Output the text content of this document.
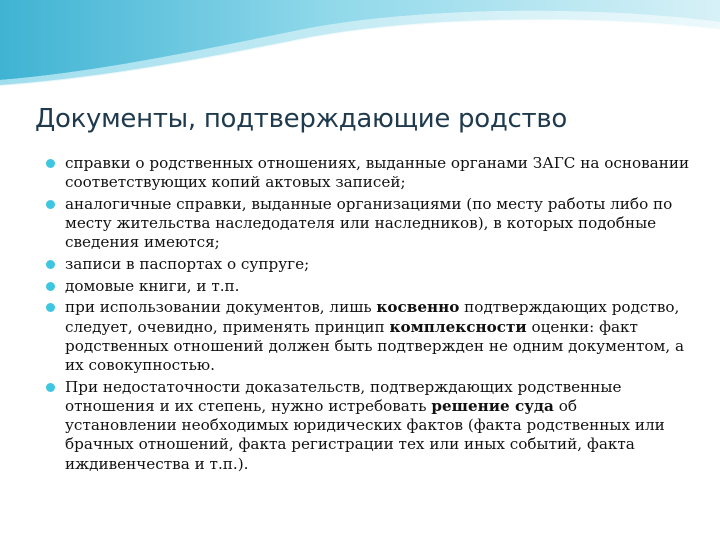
Документы, подтверждающие родство
справки о родственных отношениях, выданные органами ЗАГС на основании соответствующих копий актовых записей;
аналогичные справки, выданные организациями (по месту работы либо по месту жительства наследодателя или наследников), в которых подобные сведения имеются;
записи в паспортах о супруге;
домовые книги, и т.п.
при использовании документов, лишь косвенно подтверждающих родство, следует, очевидно, применять принцип комплексности оценки: факт родственных отношений должен быть подтвержден не одним документом, а их совокупностью.
При недостаточности доказательств, подтверждающих родственные отношения и их степень, нужно истребовать решение суда об установлении необходимых юридических фактов (факта родственных или брачных отношений, факта регистрации тех или иных событий, факта иждивенчества и т.п.).
